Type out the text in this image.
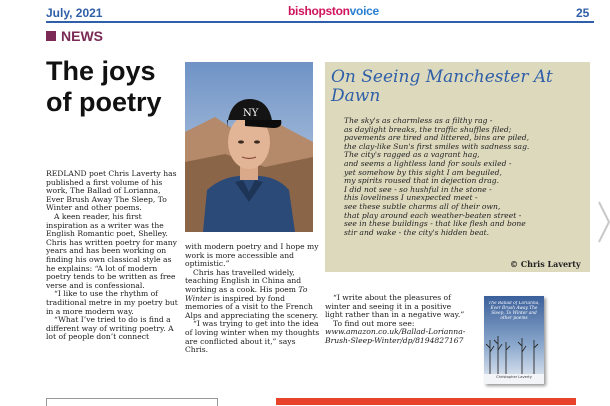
July, 2021	bishopstonvoice	25
NEWS
The joys of poetry

REDLAND poet Chris Laverty has published a first volume of his work, The Ballad of Lorianna, Ever Brush Away The Sleep, To Winter and other poems.

A keen reader, his first inspiration as a writer was the English Romantic poet, Shelley. Chris has written poetry for many years and has been working on finding his own classical style as he explains: “A lot of modern poetry tends to be written as free verse and is confessional.

“I like to use the rhythm of traditional metre in my poetry but in a more modern way.

“What I’ve tried to do is find a different way of writing poetry. A lot of people don’t connect

NY

with modern poetry and I hope my work is more accessible and optimistic.”

Chris has travelled widely, teaching English in China and working as a cook. His poem To Winter is inspired by fond memories of a visit to the French Alps and appreciating the scenery.

“I was trying to get into the idea of loving winter when my thoughts are conflicted about it,” says Chris.

On Seeing Manchester At Dawn
The sky's as charmless as a filthy rag -
as daylight breaks, the traffic shuffles filed;
pavements are tired and littered, bins are piled,
the clay-like Sun's first smiles with sadness sag.
The city's ragged as a vagrant hag,
and seems a lightless land for souls exiled -
yet somehow by this sight I am beguiled,
my spirits roused that in dejection drag.
I did not see - so hushful in the stone -
this loveliness I unexpected meet -
see these subtle charms all of their own,
that play around each weather-beaten street -
see in these buildings - that like flesh and bone
stir and wake - the city's hidden beat.
© Chris Laverty

“I write about the pleasures of winter and seeing it in a positive light rather than in a negative way.”

To find out more see:

www.amazon.co.uk/Ballad-Lorianna-Brush-Sleep-Winter/dp/8194827167

The Ballad of Lorianna, Ever Brush Away The Sleep, To Winter and other poems
Christopher Laverty
